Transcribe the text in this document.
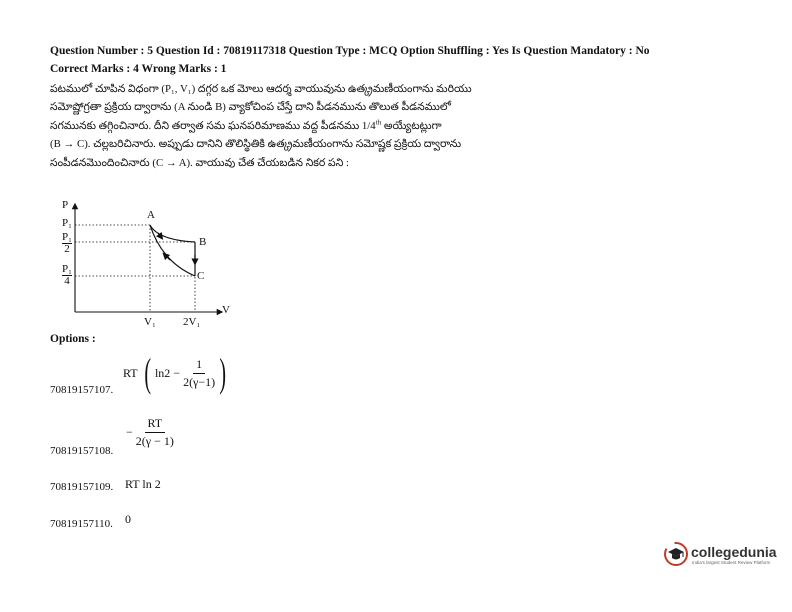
Question Number : 5 Question Id : 70819117318 Question Type : MCQ Option Shuffling : Yes Is Question Mandatory : No
Correct Marks : 4 Wrong Marks : 1
పటములో చూపిన విధంగా (P₁, V₁) దగ్గర ఒక మోలు ఆదర్శ వాయువును ఉత్క్రమణీయంగాను మరియు
సమోష్ణోగ్రతా ప్రక్రియ ద్వారాను (A నుండి B) వ్యాకోచింప చేస్తే దాని పీడనమును తొలుత పీడనములో
సగమునకు తగ్గించినారు. దీని తర్వాత సమ ఘనపరిమాణము వద్ద పీడనము 1/4th అయ్యేటట్లుగా
(B → C). చల్లబరిచినారు. అప్పుడు దానిని తొలిస్థితికి ఉత్క్రమణీయంగాను సమోష్ణక ప్రక్రియ ద్వారాను
సంపీడనమొందించినారు (C → A). వాయువు చేత చేయబడిన నికర పని :
P
P₁
P₁
2
P₁
4
A
B
C
V
V₁ 2V₁
Options :
70819157107.
RT ( $\ln 2 - \frac{1}{2(\gamma-1)}$ )
70819157108.
− $\frac{RT}{2(\gamma - 1)}$
70819157109. RT ln 2
70819157110. 0
collegedunia
India's largest Student Review Platform
